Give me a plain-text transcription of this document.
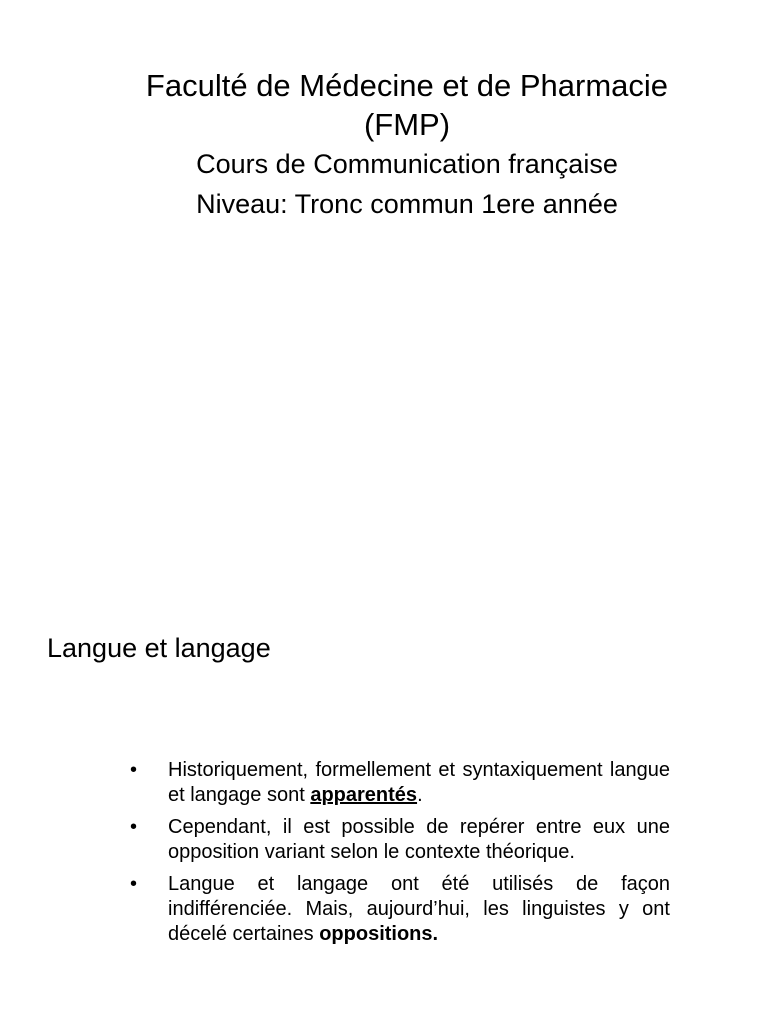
Faculté de Médecine et de Pharmacie

(FMP)

Cours de Communication française

Niveau: Tronc commun 1ere année

Langue et langage
•	Historiquement, formellement et syntaxiquement langue et langage sont apparentés.
•	Cependant, il est possible de repérer entre eux une opposition variant selon le contexte théorique.
•	Langue et langage ont été utilisés de façon indifférenciée. Mais, aujourd’hui, les linguistes y ont décelé certaines oppositions.
